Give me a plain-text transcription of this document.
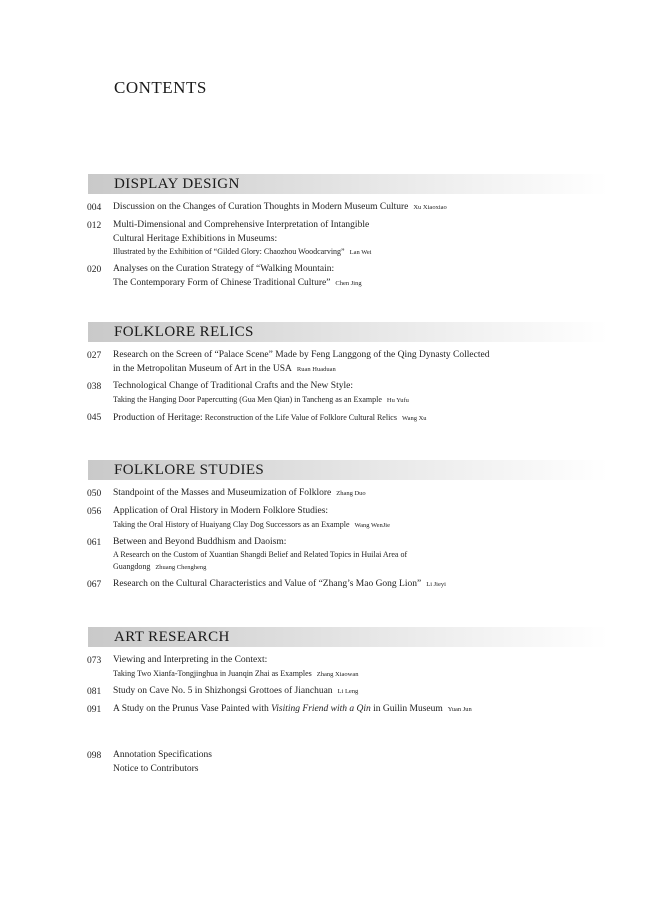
CONTENTS
DISPLAY DESIGN
004	Discussion on the Changes of Curation Thoughts in Modern Museum Culture Xu Xiaoxiao
012	Multi-Dimensional and Comprehensive Interpretation of Intangible
Cultural Heritage Exhibitions in Museums:
Illustrated by the Exhibition of “Gilded Glory: Chaozhou Woodcarving” Lan Wei
020	Analyses on the Curation Strategy of “Walking Mountain:
The Contemporary Form of Chinese Traditional Culture” Chen Jing
FOLKLORE RELICS
027	Research on the Screen of “Palace Scene” Made by Feng Langgong of the Qing Dynasty Collected
in the Metropolitan Museum of Art in the USA Ruan Huaduan
038	Technological Change of Traditional Crafts and the New Style:
Taking the Hanging Door Papercutting (Gua Men Qian) in Tancheng as an Example Hu Yufu
045	Production of Heritage: Reconstruction of the Life Value of Folklore Cultural Relics Wang Xu
FOLKLORE STUDIES
050	Standpoint of the Masses and Museumization of Folklore Zhang Duo
056	Application of Oral History in Modern Folklore Studies:
Taking the Oral History of Huaiyang Clay Dog Successors as an Example Wang WenJie
061	Between and Beyond Buddhism and Daoism:
A Research on the Custom of Xuantian Shangdi Belief and Related Topics in Huilai Area of
Guangdong Zhuang Chengheng
067	Research on the Cultural Characteristics and Value of “Zhang’s Mao Gong Lion” Li Jieyi
ART RESEARCH
073	Viewing and Interpreting in the Context:
Taking Two Xianfa-Tongjinghua in Juanqin Zhai as Examples Zhang Xiaowan
081	Study on Cave No. 5 in Shizhongsi Grottoes of Jianchuan Li Leng
091	A Study on the Prunus Vase Painted with Visiting Friend with a Qin in Guilin Museum Yuan Jun
098	Annotation Specifications
Notice to Contributors
